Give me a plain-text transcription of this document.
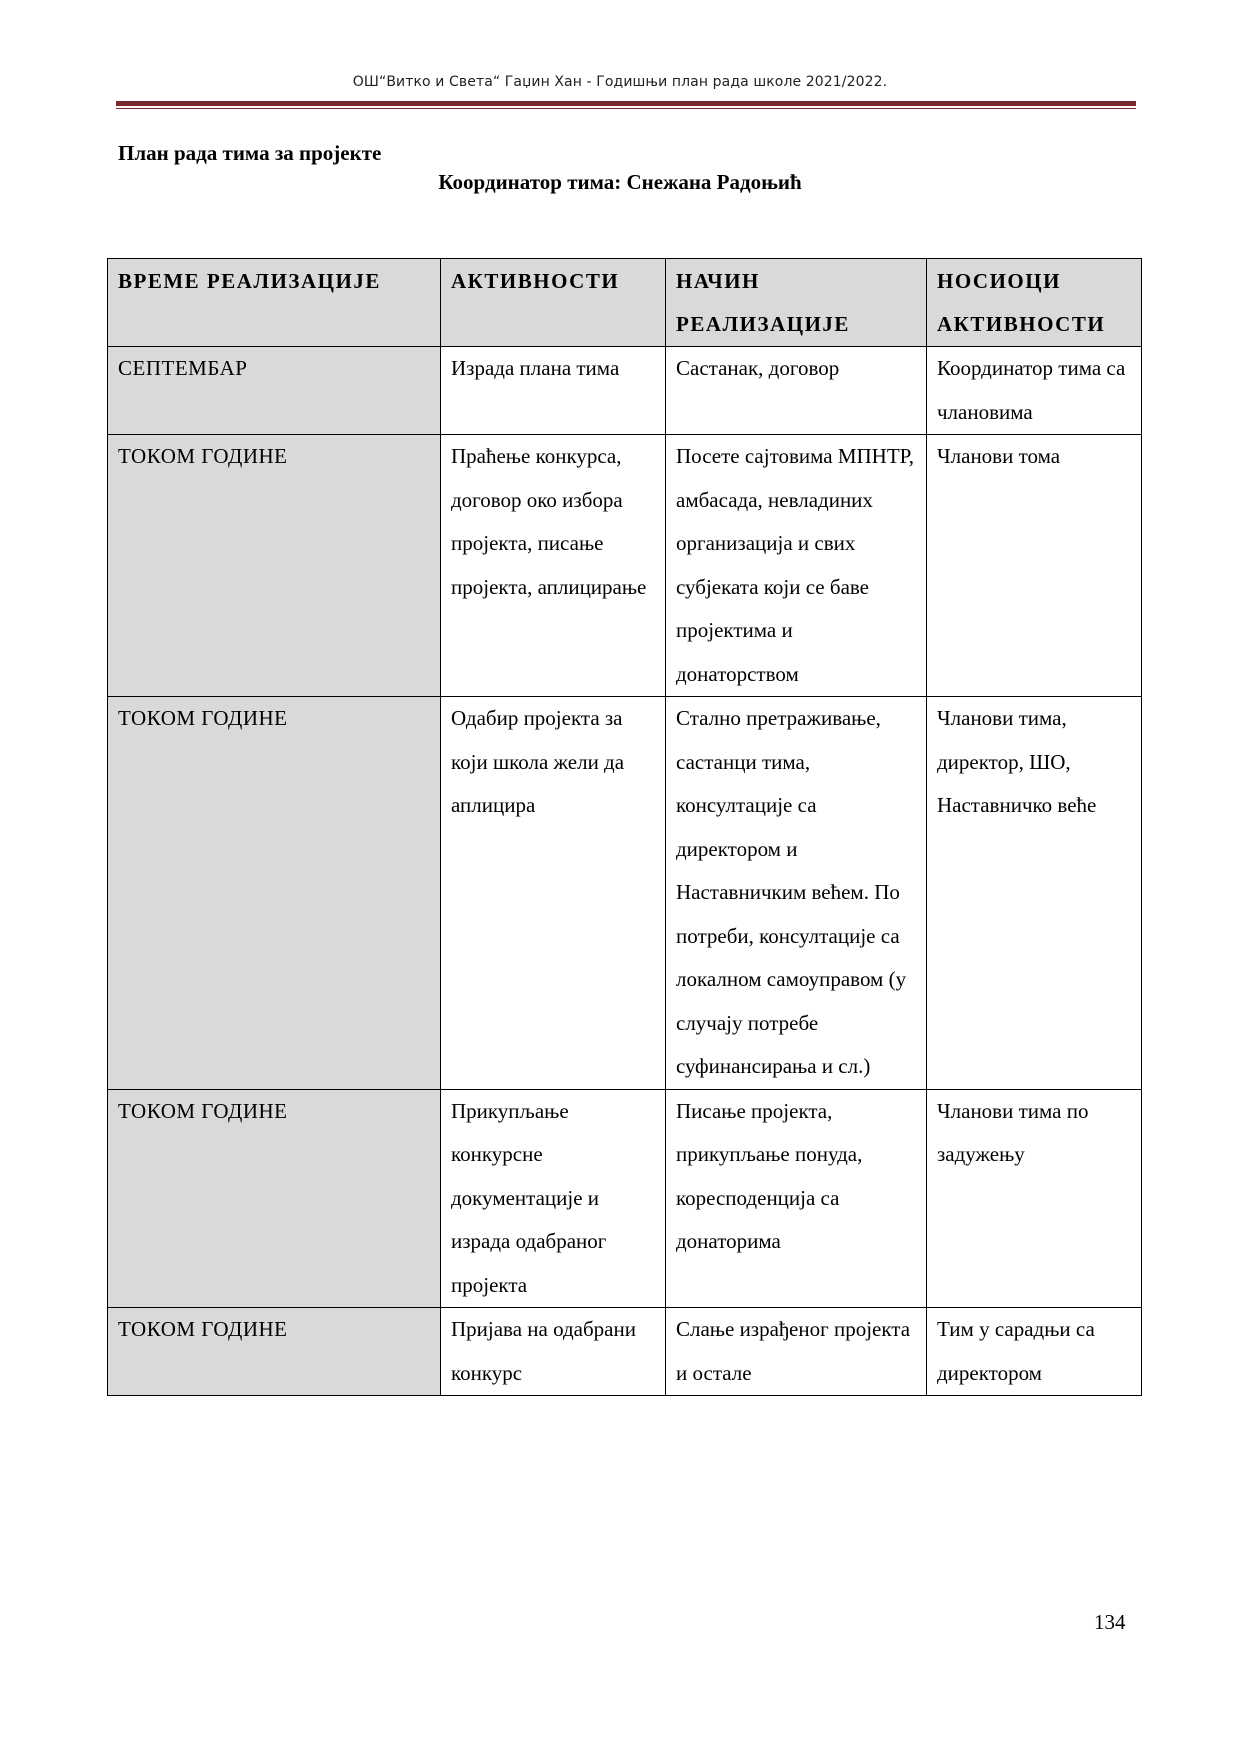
ОШ“Витко и Света“ Гаџин Хан - Годишњи план рада школе 2021/2022.
План рада тима за пројекте
Координатор тима: Снежана Радоњић
ВРЕМЕ РЕАЛИЗАЦИЈЕ	АКТИВНОСТИ	НАЧИН РЕАЛИЗАЦИЈЕ	НОСИОЦИ АКТИВНОСТИ
СЕПТЕМБАР	Израда плана тима	Састанак, договор	Координатор тима са члановима
ТОКОМ ГОДИНЕ	Праћење конкурса, договор око избора пројекта, писање пројекта, аплицирање	Посете сајтовима МПНТР, амбасада, невладиних организација и свих субјеката који се баве пројектима и донаторством	Чланови тома
ТОКОМ ГОДИНЕ	Одабир пројекта за који школа жели да аплицира	Стално претраживање, састанци тима, консултације са директором и Наставничким већем. По потреби, консултације са локалном самоуправом (у случају потребе суфинансирања и сл.)	Чланови тима, директор, ШО, Наставничко веће
ТОКОМ ГОДИНЕ	Прикупљање конкурсне документације и израда одабраног пројекта	Писање пројекта, прикупљање понуда, коресподенција са донаторима	Чланови тима по задужењу
ТОКОМ ГОДИНЕ	Пријава на одабрани конкурс	Слање израђеног пројекта и остале	Тим у сарадњи са директором
134
